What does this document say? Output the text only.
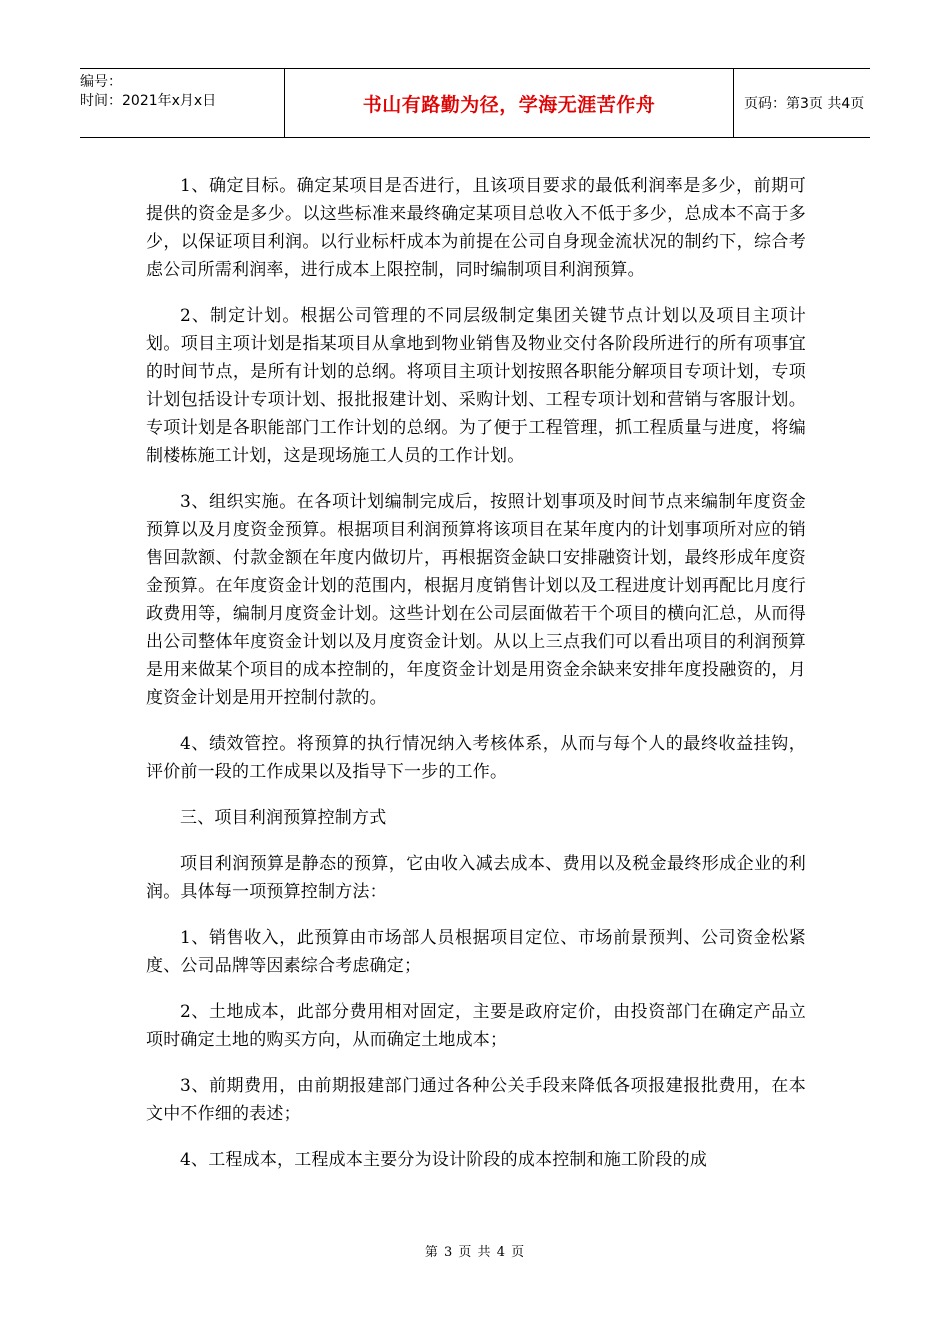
编号：
时间：2021年x月x日	书山有路勤为径，学海无涯苦作舟	页码：第3页 共4页

1、确定目标。确定某项目是否进行，且该项目要求的最低利润率是多少，前期可提供的资金是多少。以这些标准来最终确定某项目总收入不低于多少，总成本不高于多少，以保证项目利润。以行业标杆成本为前提在公司自身现金流状况的制约下，综合考虑公司所需利润率，进行成本上限控制，同时编制项目利润预算。

2、制定计划。根据公司管理的不同层级制定集团关键节点计划以及项目主项计划。项目主项计划是指某项目从拿地到物业销售及物业交付各阶段所进行的所有项事宜的时间节点，是所有计划的总纲。将项目主项计划按照各职能分解项目专项计划，专项计划包括设计专项计划、报批报建计划、采购计划、工程专项计划和营销与客服计划。专项计划是各职能部门工作计划的总纲。为了便于工程管理，抓工程质量与进度，将编制楼栋施工计划，这是现场施工人员的工作计划。

3、组织实施。在各项计划编制完成后，按照计划事项及时间节点来编制年度资金预算以及月度资金预算。根据项目利润预算将该项目在某年度内的计划事项所对应的销售回款额、付款金额在年度内做切片，再根据资金缺口安排融资计划，最终形成年度资金预算。在年度资金计划的范围内，根据月度销售计划以及工程进度计划再配比月度行政费用等，编制月度资金计划。这些计划在公司层面做若干个项目的横向汇总，从而得出公司整体年度资金计划以及月度资金计划。从以上三点我们可以看出项目的利润预算是用来做某个项目的成本控制的，年度资金计划是用资金余缺来安排年度投融资的，月度资金计划是用开控制付款的。

4、绩效管控。将预算的执行情况纳入考核体系，从而与每个人的最终收益挂钩，评价前一段的工作成果以及指导下一步的工作。

三、项目利润预算控制方式

项目利润预算是静态的预算，它由收入减去成本、费用以及税金最终形成企业的利润。具体每一项预算控制方法：

1、销售收入，此预算由市场部人员根据项目定位、市场前景预判、公司资金松紧度、公司品牌等因素综合考虑确定；

2、土地成本，此部分费用相对固定，主要是政府定价，由投资部门在确定产品立项时确定土地的购买方向，从而确定土地成本；

3、前期费用，由前期报建部门通过各种公关手段来降低各项报建报批费用，在本文中不作细的表述；

4、工程成本，工程成本主要分为设计阶段的成本控制和施工阶段的成

第 3 页 共 4 页
